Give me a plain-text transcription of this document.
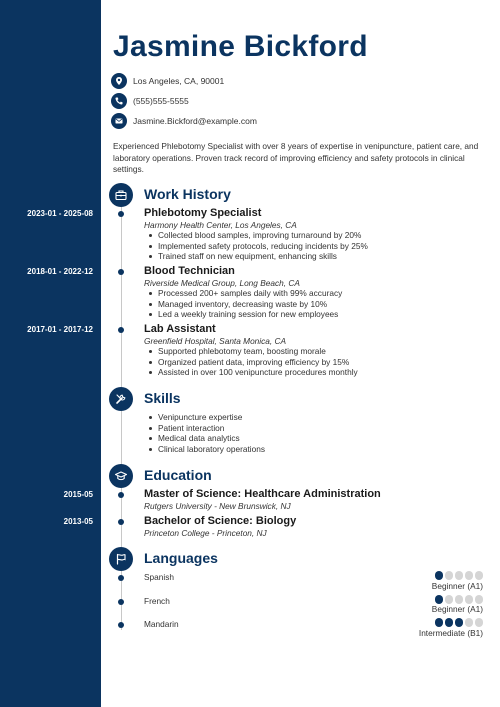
Jasmine Bickford
Los Angeles, CA, 90001
(555)555-5555
Jasmine.Bickford@example.com

Experienced Phlebotomy Specialist with over 8 years of expertise in venipuncture, patient care, and laboratory operations. Proven track record of improving efficiency and safety protocols in clinical settings.

Work History
2023-01 - 2025-08	Phlebotomy Specialist
Harmony Health Center, Los Angeles, CA
Collected blood samples, improving turnaround by 20%
Implemented safety protocols, reducing incidents by 25%
Trained staff on new equipment, enhancing skills
2018-01 - 2022-12	Blood Technician
Riverside Medical Group, Long Beach, CA
Processed 200+ samples daily with 99% accuracy
Managed inventory, decreasing waste by 10%
Led a weekly training session for new employees
2017-01 - 2017-12	Lab Assistant
Greenfield Hospital, Santa Monica, CA
Supported phlebotomy team, boosting morale
Organized patient data, improving efficiency by 15%
Assisted in over 100 venipuncture procedures monthly
Skills
Venipuncture expertise
Patient interaction
Medical data analytics
Clinical laboratory operations
Education
2015-05	Master of Science: Healthcare Administration
Rutgers University - New Brunswick, NJ
2013-05	Bachelor of Science: Biology
Princeton College - Princeton, NJ
Languages
Spanish
Beginner (A1)
French
Beginner (A1)
Mandarin
Intermediate (B1)
